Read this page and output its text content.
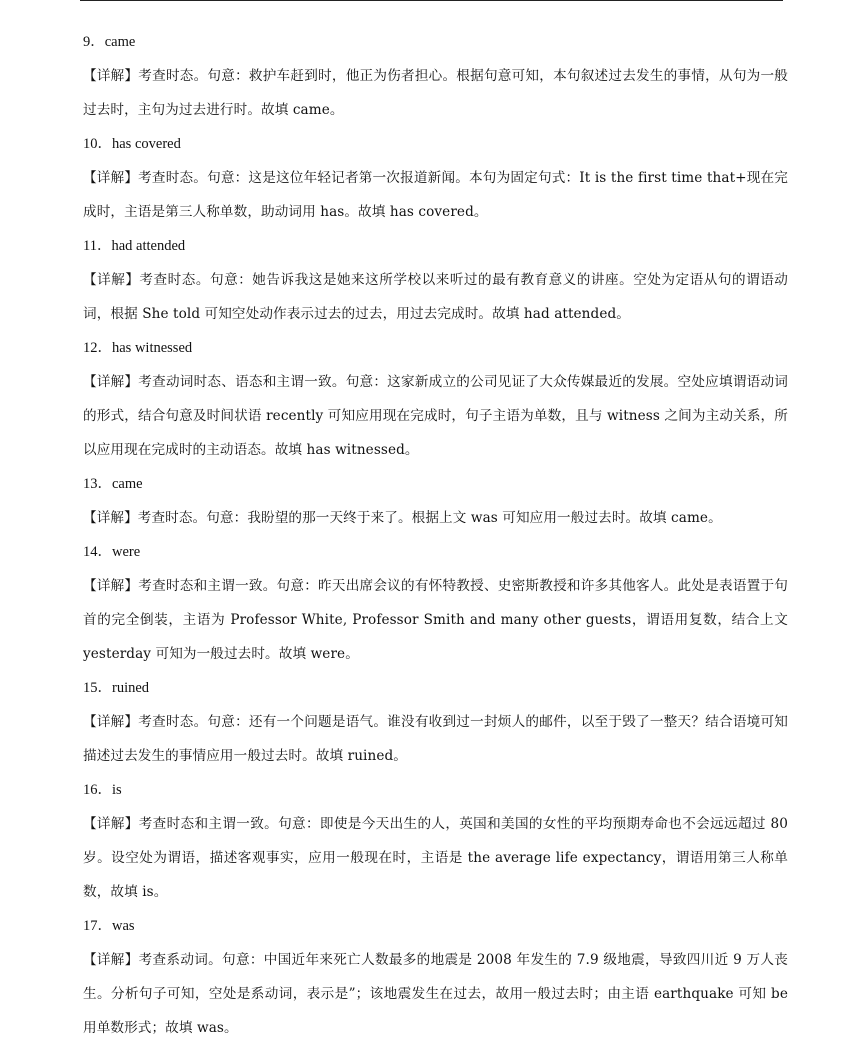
9．came

【详解】考查时态。句意：救护车赶到时，他正为伤者担心。根据句意可知，本句叙述过去发生的事情，从句为一般过去时，主句为过去进行时。故填 came。

10．has covered

【详解】考查时态。句意：这是这位年轻记者第一次报道新闻。本句为固定句式：It is the first time that+现在完成时，主语是第三人称单数，助动词用 has。故填 has covered。

11．had attended

【详解】考查时态。句意：她告诉我这是她来这所学校以来听过的最有教育意义的讲座。空处为定语从句的谓语动词，根据 She told 可知空处动作表示过去的过去，用过去完成时。故填 had attended。

12．has witnessed

【详解】考查动词时态、语态和主谓一致。句意：这家新成立的公司见证了大众传媒最近的发展。空处应填谓语动词的形式，结合句意及时间状语 recently 可知应用现在完成时，句子主语为单数，且与 witness 之间为主动关系，所以应用现在完成时的主动语态。故填 has witnessed。

13．came

【详解】考查时态。句意：我盼望的那一天终于来了。根据上文 was 可知应用一般过去时。故填 came。

14．were

【详解】考查时态和主谓一致。句意：昨天出席会议的有怀特教授、史密斯教授和许多其他客人。此处是表语置于句首的完全倒装，主语为 Professor White, Professor Smith and many other guests，谓语用复数，结合上文 yesterday 可知为一般过去时。故填 were。

15．ruined

【详解】考查时态。句意：还有一个问题是语气。谁没有收到过一封烦人的邮件，以至于毁了一整天？结合语境可知描述过去发生的事情应用一般过去时。故填 ruined。

16．is

【详解】考查时态和主谓一致。句意：即使是今天出生的人，英国和美国的女性的平均预期寿命也不会远远超过 80 岁。设空处为谓语，描述客观事实，应用一般现在时，主语是 the average life expectancy，谓语用第三人称单数，故填 is。

17．was

【详解】考查系动词。句意：中国近年来死亡人数最多的地震是 2008 年发生的 7.9 级地震，导致四川近 9 万人丧生。分析句子可知，空处是系动词，表示是”；该地震发生在过去，故用一般过去时；由主语 earthquake 可知 be 用单数形式；故填 was。
